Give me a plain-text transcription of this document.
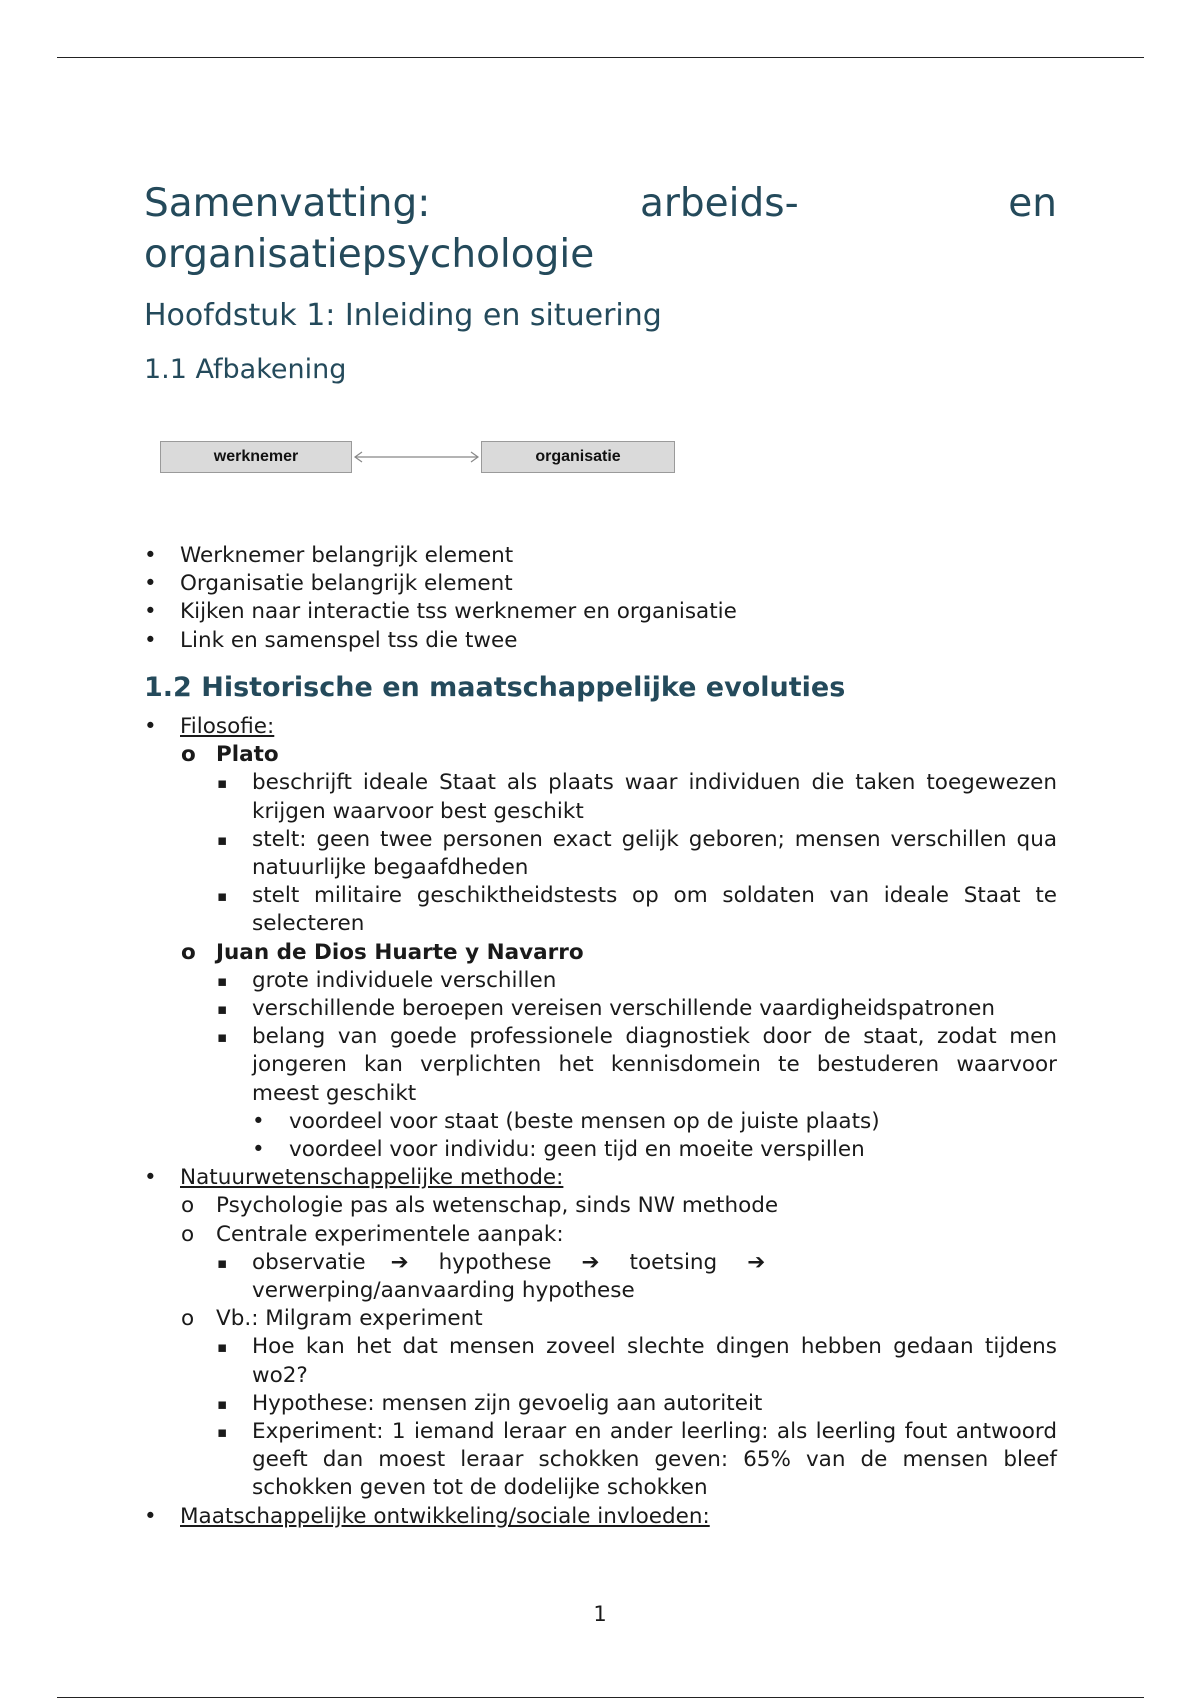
Samenvatting:	arbeids-	en
organisatiepsychologie
Hoofdstuk 1: Inleiding en situering
1.1 Afbakening
werknemer	organisatie
• Werknemer belangrijk element
• Organisatie belangrijk element
• Kijken naar interactie tss werknemer en organisatie
• Link en samenspel tss die twee
1.2 Historische en maatschappelijke evoluties
• Filosofie:
o Plato
▪ beschrijft ideale Staat als plaats waar individuen die taken toegewezen krijgen waarvoor best geschikt
▪ stelt: geen twee personen exact gelijk geboren; mensen verschillen qua natuurlijke begaafdheden
▪ stelt militaire geschiktheidstests op om soldaten van ideale Staat te selecteren
o Juan de Dios Huarte y Navarro
▪ grote individuele verschillen
▪ verschillende beroepen vereisen verschillende vaardigheidspatronen
▪ belang van goede professionele diagnostiek door de staat, zodat men jongeren kan verplichten het kennisdomein te bestuderen waarvoor meest geschikt
• voordeel voor staat (beste mensen op de juiste plaats)
• voordeel voor individu: geen tijd en moeite verspillen
• Natuurwetenschappelijke methode:
o Psychologie pas als wetenschap, sinds NW methode
o Centrale experimentele aanpak:
▪ observatie ➔ hypothese ➔ toetsing ➔verwerping/aanvaarding hypothese
o Vb.: Milgram experiment
▪ Hoe kan het dat mensen zoveel slechte dingen hebben gedaan tijdens wo2?
▪ Hypothese: mensen zijn gevoelig aan autoriteit
▪ Experiment: 1 iemand leraar en ander leerling: als leerling fout antwoord geeft dan moest leraar schokken geven: 65% van de mensen bleef schokken geven tot de dodelijke schokken
• Maatschappelijke ontwikkeling/sociale invloeden:
1
